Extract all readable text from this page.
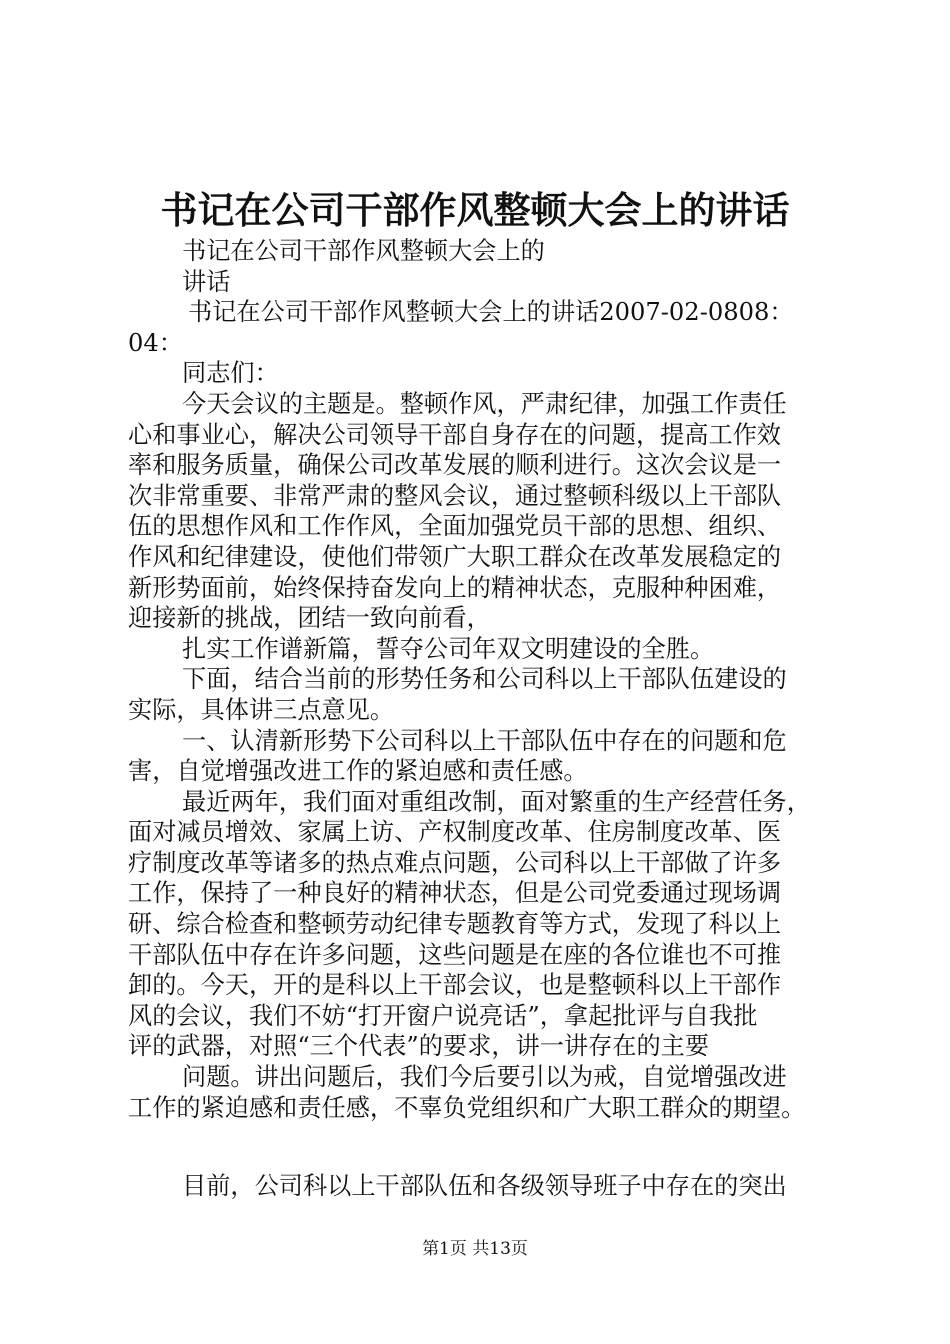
书记在公司干部作风整顿大会上的讲话
书记在公司干部作风整顿大会上的
讲话
书记在公司干部作风整顿大会上的讲话2007-02-0808：
04：
同志们：
今天会议的主题是。整顿作风，严肃纪律，加强工作责任
心和事业心，解决公司领导干部自身存在的问题，提高工作效
率和服务质量，确保公司改革发展的顺利进行。这次会议是一
次非常重要、非常严肃的整风会议，通过整顿科级以上干部队
伍的思想作风和工作作风，全面加强党员干部的思想、组织、
作风和纪律建设，使他们带领广大职工群众在改革发展稳定的
新形势面前，始终保持奋发向上的精神状态，克服种种困难，
迎接新的挑战，团结一致向前看，
扎实工作谱新篇，誓夺公司年双文明建设的全胜。
下面，结合当前的形势任务和公司科以上干部队伍建设的
实际，具体讲三点意见。
一、认清新形势下公司科以上干部队伍中存在的问题和危
害，自觉增强改进工作的紧迫感和责任感。
最近两年，我们面对重组改制，面对繁重的生产经营任务，
面对减员增效、家属上访、产权制度改革、住房制度改革、医
疗制度改革等诸多的热点难点问题，公司科以上干部做了许多
工作，保持了一种良好的精神状态，但是公司党委通过现场调
研、综合检查和整顿劳动纪律专题教育等方式，发现了科以上
干部队伍中存在许多问题，这些问题是在座的各位谁也不可推
卸的。今天，开的是科以上干部会议，也是整顿科以上干部作
风的会议，我们不妨“打开窗户说亮话”，拿起批评与自我批
评的武器，对照“三个代表”的要求，讲一讲存在的主要
问题。讲出问题后，我们今后要引以为戒，自觉增强改进
工作的紧迫感和责任感，不辜负党组织和广大职工群众的期望。
目前，公司科以上干部队伍和各级领导班子中存在的突出
第1页 共13页
